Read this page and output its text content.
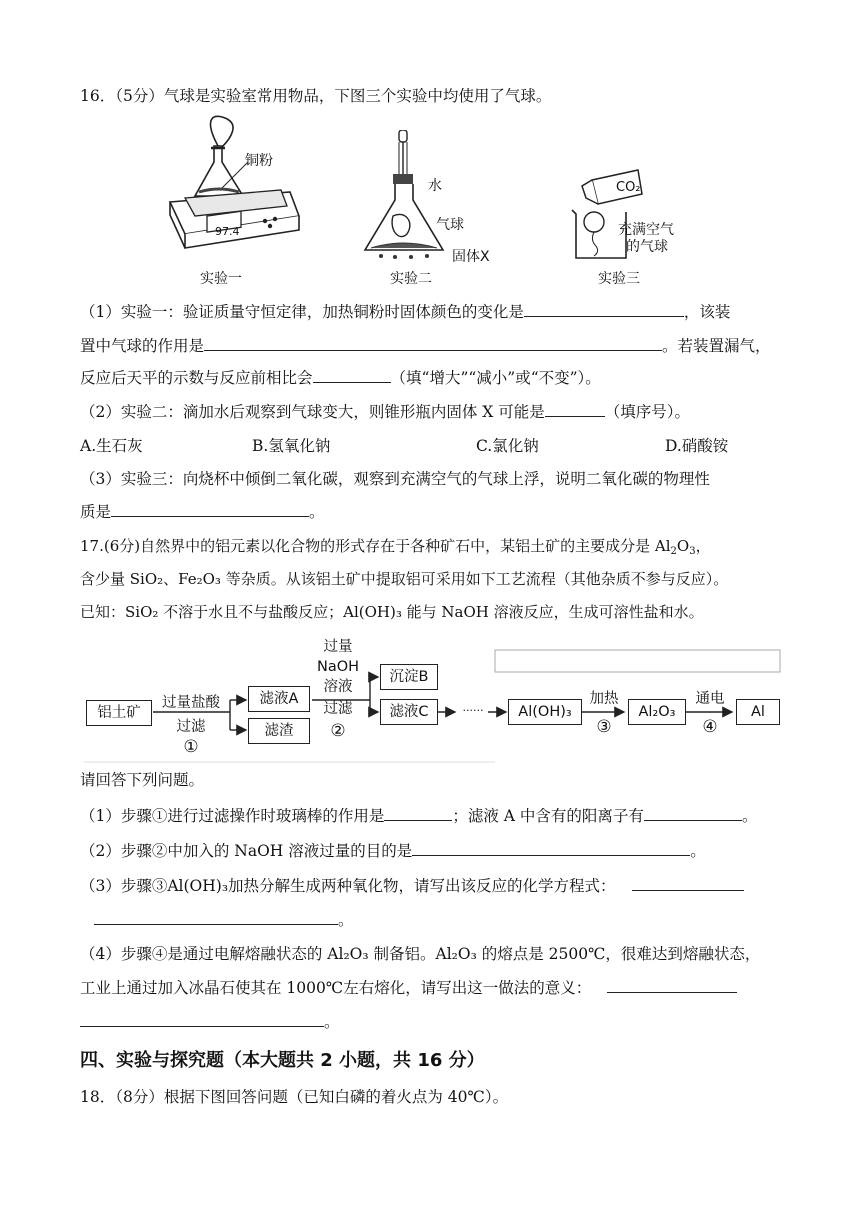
16．（5分）气球是实验室常用物品，下图三个实验中均使用了气球。
97.4
铜粉
实验一
水
气球
固体X
实验二
CO₂
充满空气
的气球
实验三
（1）实验一：验证质量守恒定律，加热铜粉时固体颜色的变化是	，该装
置中气球的作用是	。若装置漏气，
反应后天平的示数与反应前相比会	（填“增大”“减小”或“不变”）。
（2）实验二：滴加水后观察到气球变大，则锥形瓶内固体 X 可能是	（填序号）。
A.生石灰	B.氢氧化钠	C.氯化钠	D.硝酸铵
（3）实验三：向烧杯中倾倒二氧化碳，观察到充满空气的气球上浮，说明二氧化碳的物理性
质是	。
17.(6分)自然界中的铝元素以化合物的形式存在于各种矿石中，某铝土矿的主要成分是 $Al_2O_3$，
含少量 SiO₂、Fe₂O₃ 等杂质。从该铝土矿中提取铝可采用如下工艺流程（其他杂质不参与反应）。
已知：SiO₂ 不溶于水且不与盐酸反应；Al(OH)₃ 能与 NaOH 溶液反应，生成可溶性盐和水。
铝土矿
过量盐酸
过滤
①
滤液A
滤渣
过量
NaOH
溶液
过滤
②
沉淀B
滤液C	······	Al(OH)₃
加热
③
Al₂O₃
通电
④
Al
请回答下列问题。
（1）步骤①进行过滤操作时玻璃棒的作用是	；滤液 A 中含有的阳离子有	。
（2）步骤②中加入的 NaOH 溶液过量的目的是	。
（3）步骤③Al(OH)₃加热分解生成两种氧化物，请写出该反应的化学方程式：
。
（4）步骤④是通过电解熔融状态的 Al₂O₃ 制备铝。Al₂O₃ 的熔点是 2500℃，很难达到熔融状态，
工业上通过加入冰晶石使其在 1000℃左右熔化，请写出这一做法的意义：
。
四、实验与探究题（本大题共 2 小题，共 16 分）
18．（8分）根据下图回答问题（已知白磷的着火点为 40℃）。
